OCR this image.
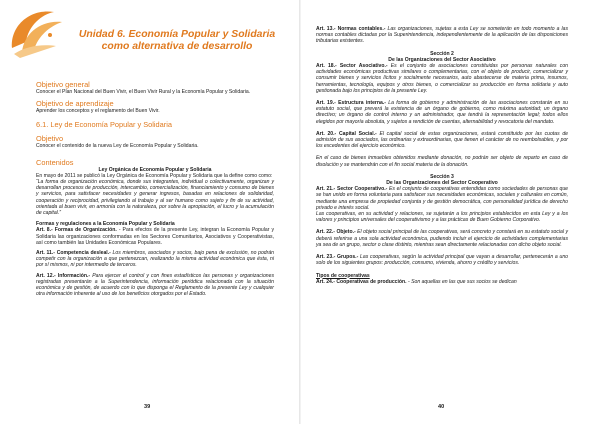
Unidad 6. Economía Popular y Solidaria
como alternativa de desarrollo
Objetivo general

Conocer el Plan Nacional del Buen Vivir, el Buen Vivir Rural y la Economía Popular y Solidaria.

Objetivo de aprendizaje

Aprender los conceptos y el reglamento del Buen Vivir.

6.1. Ley de Economía Popular y Solidaria
Objetivo

Conocer el contenido de la nueva Ley de Economía Popular y Solidaria.

Contenidos

Ley Orgánica de Economía Popular y Solidaria

En mayo de 2011 se publicó la Ley Orgánica de Economía Popular y Solidaria que la define como como:

“La forma de organización económica, donde sus integrantes, individual o colectivamente, organizan y desarrollan procesos de producción, intercambio, comercialización, financiamiento y consumo de bienes y servicios, para satisfacer necesidades y generar ingresos, basadas en relaciones de solidaridad, cooperación y reciprocidad, privilegiando al trabajo y al ser humano como sujeto y fin de su actividad, orientada al buen vivir, en armonía con la naturaleza, por sobre la apropiación, el lucro y la acumulación de capital.”

Formas y regulaciones a la Economía Popular y Solidaria

Art. 8.- Formas de Organización. - Para efectos de la presente Ley, integran la Economía Popular y Solidaria las organizaciones conformadas en los Sectores Comunitarios, Asociativos y Cooperativistas, así como también las Unidades Económicas Populares.

Art. 11.- Competencia desleal.- Los miembros, asociados y socios, bajo pena de exclusión, no podrán competir con la organización a que pertenezcan, realizando la misma actividad económica que ésta, ni por sí mismos, ni por intermedio de terceros.

Art. 12.- Información.- Para ejercer el control y con fines estadísticos las personas y organizaciones registradas presentarán a la Superintendencia, información periódica relacionada con la situación económica y de gestión, de acuerdo con lo que disponga el Reglamento de la presente Ley y cualquier otra información inherente al uso de los beneficios otorgados por el Estado.

39

Art. 13.- Normas contables.- Las organizaciones, sujetas a esta Ley se someterán en todo momento a las normas contables dictadas por la Superintendencia, independientemente de la aplicación de las disposiciones tributarias existentes.

Sección 2

De las Organizaciones del Sector Asociativo

Art. 18.- Sector Asociativo.- Es el conjunto de asociaciones constituidas por personas naturales con actividades económicas productivas similares o complementarias, con el objeto de producir, comercializar y consumir bienes y servicios lícitos y socialmente necesarios, auto abastecerse de materia prima, insumos, herramientas, tecnología, equipos y otros bienes, o comercializar su producción en forma solidaria y auto gestionada bajo los principios de la presente Ley.

Art. 19.- Estructura interna.- La forma de gobierno y administración de las asociaciones constarán en su estatuto social, que preverá la existencia de un órgano de gobierno, como máxima autoridad; un órgano directivo; un órgano de control interno y un administrador, que tendrá la representación legal; todos ellos elegidos por mayoría absoluta, y sujetos a rendición de cuentas, alternabilidad y revocatoria del mandato.

Art. 20.- Capital Social.- El capital social de estas organizaciones, estará constituido por las cuotas de admisión de sus asociados, las ordinarias y extraordinarias, que tienen el carácter de no reembolsables, y por los excedentes del ejercicio económico.

En el caso de bienes inmuebles obtenidos mediante donación, no podrán ser objeto de reparto en caso de disolución y se mantendrán con el fin social materia de la donación.

Sección 3

De las Organizaciones del Sector Cooperativo

Art. 21.- Sector Cooperativo.- Es el conjunto de cooperativas entendidas como sociedades de personas que se han unido en forma voluntaria para satisfacer sus necesidades económicas, sociales y culturales en común, mediante una empresa de propiedad conjunta y de gestión democrática, con personalidad jurídica de derecho privado e interés social.

Las cooperativas, en su actividad y relaciones, se sujetarán a los principios establecidos en esta Ley y a los valores y principios universales del cooperativismo y a las prácticas de Buen Gobierno Corporativo.

Art. 22.- Objeto.- El objeto social principal de las cooperativas, será concreto y constará en su estatuto social y deberá referirse a una sola actividad económica, pudiendo incluir el ejercicio de actividades complementarias ya sea de un grupo, sector o clase distinto, mientras sean directamente relacionadas con dicho objeto social.

Art. 23.- Grupos.- Las cooperativas, según la actividad principal que vayan a desarrollar, pertenecerán a uno solo de los siguientes grupos: producción, consumo, vivienda, ahorro y crédito y servicios.

Tipos de cooperativas

Art. 24.- Cooperativas de producción. - Son aquellas en las que sus socios se dedican

40
